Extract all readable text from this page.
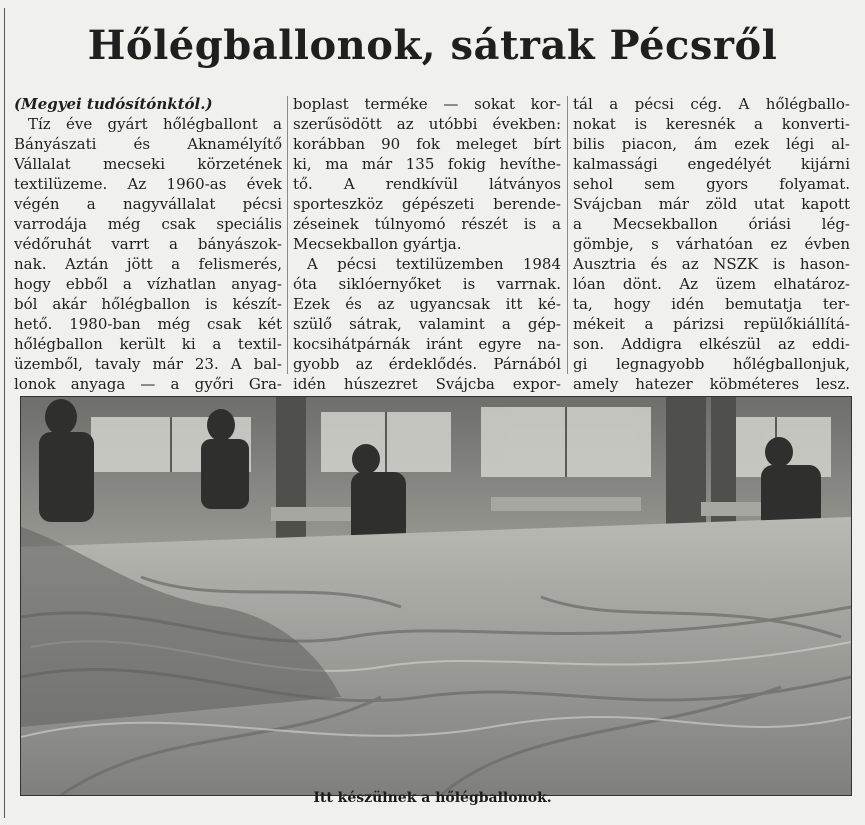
Hőlégballonok, sátrak Pécsről
(Megyei tudósítónktól.)
Tíz éve gyárt hőlégballont a
Bányászati és Aknamélyítő
Vállalat mecseki körzetének
textilüzeme. Az 1960-as évek
végén a nagyvállalat pécsi
varrodája még csak speciális
védőruhát varrt a bányászok-
nak. Aztán jött a felismerés,
hogy ebből a vízhatlan anyag-
ból akár hőlégballon is készít-
hető. 1980-ban még csak két
hőlégballon került ki a textil-
üzemből, tavaly már 23. A bal-
lonok anyaga — a győri Gra-
boplast terméke — sokat kor-
szerűsödött az utóbbi években:
korábban 90 fok meleget bírt
ki, ma már 135 fokig hevíthe-
tő. A rendkívül látványos
sporteszköz gépészeti berende-
zéseinek túlnyomó részét is a
Mecsekballon gyártja.
A pécsi textilüzemben 1984
óta siklóernyőket is varrnak.
Ezek és az ugyancsak itt ké-
szülő sátrak, valamint a gép-
kocsihátpárnák iránt egyre na-
gyobb az érdeklődés. Párnából
idén húszezret Svájcba expor-
tál a pécsi cég. A hőlégballo-
nokat is keresnék a konverti-
bilis piacon, ám ezek légi al-
kalmassági engedélyét kijárni
sehol sem gyors folyamat.
Svájcban már zöld utat kapott
a Mecsekballon óriási lég-
gömbje, s várhatóan ez évben
Ausztria és az NSZK is hason-
lóan dönt. Az üzem elhatároz-
ta, hogy idén bemutatja ter-
mékeit a párizsi repülőkiállítá-
son. Addigra elkészül az eddi-
gi legnagyobb hőlégballonjuk,
amely hatezer köbméteres lesz.
Itt készülnek a hőlégballonok.
